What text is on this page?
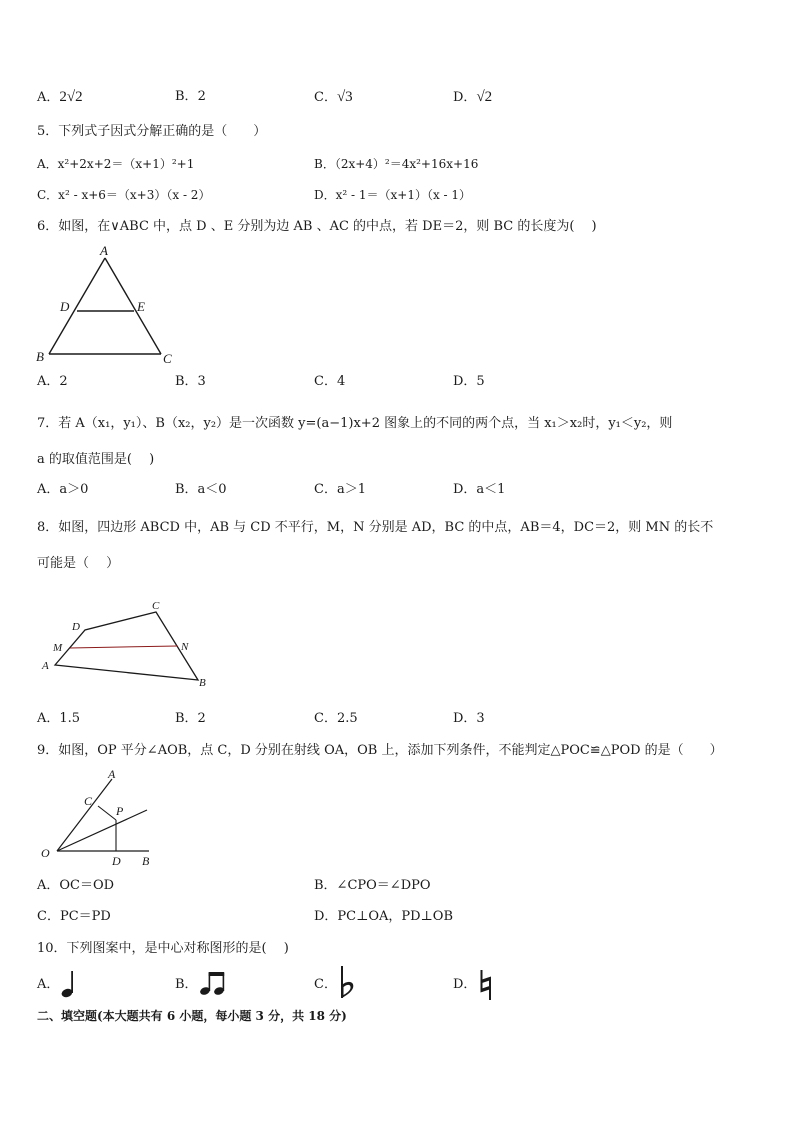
A．2√2	B．2	C．√3	D．√2
5．下列式子因式分解正确的是（　　）
A．x²+2x+2＝（x+1）²+1	B．（2x+4）²＝4x²+16x+16
C．x² - x+6＝（x+3）（x - 2）	D．x² - 1＝（x+1）（x - 1）
6．如图，在∨ABC 中，点 D 、E 分别为边 AB 、AC 的中点，若 DE＝2，则 BC 的长度为(　 )
A
D	E
B	C
A．2	B．3	C．4	D．5
7．若 A（x₁，y₁）、B（x₂，y₂）是一次函数 y=(a−1)x+2 图象上的不同的两个点，当 x₁＞x₂时，y₁＜y₂，则
a 的取值范围是(　 )
A．a＞0	B．a＜0	C．a＞1	D．a＜1
8．如图，四边形 ABCD 中，AB 与 CD 不平行，M，N 分别是 AD，BC 的中点，AB＝4，DC＝2，则 MN 的长不
可能是（　 ）
C
D
M	N
A
B
A．1.5	B．2	C．2.5	D．3
9．如图，OP 平分∠AOB，点 C，D 分别在射线 OA，OB 上，添加下列条件，不能判定△POC≌△POD 的是（　　）
A
C
P
O
D B
A．OC＝OD	B．∠CPO＝∠DPO
C．PC＝PD	D．PC⊥OA，PD⊥OB
10．下列图案中，是中心对称图形的是(　 )
A．	B．	C．	D．
二、填空题(本大题共有 6 小题，每小题 3 分，共 18 分)
